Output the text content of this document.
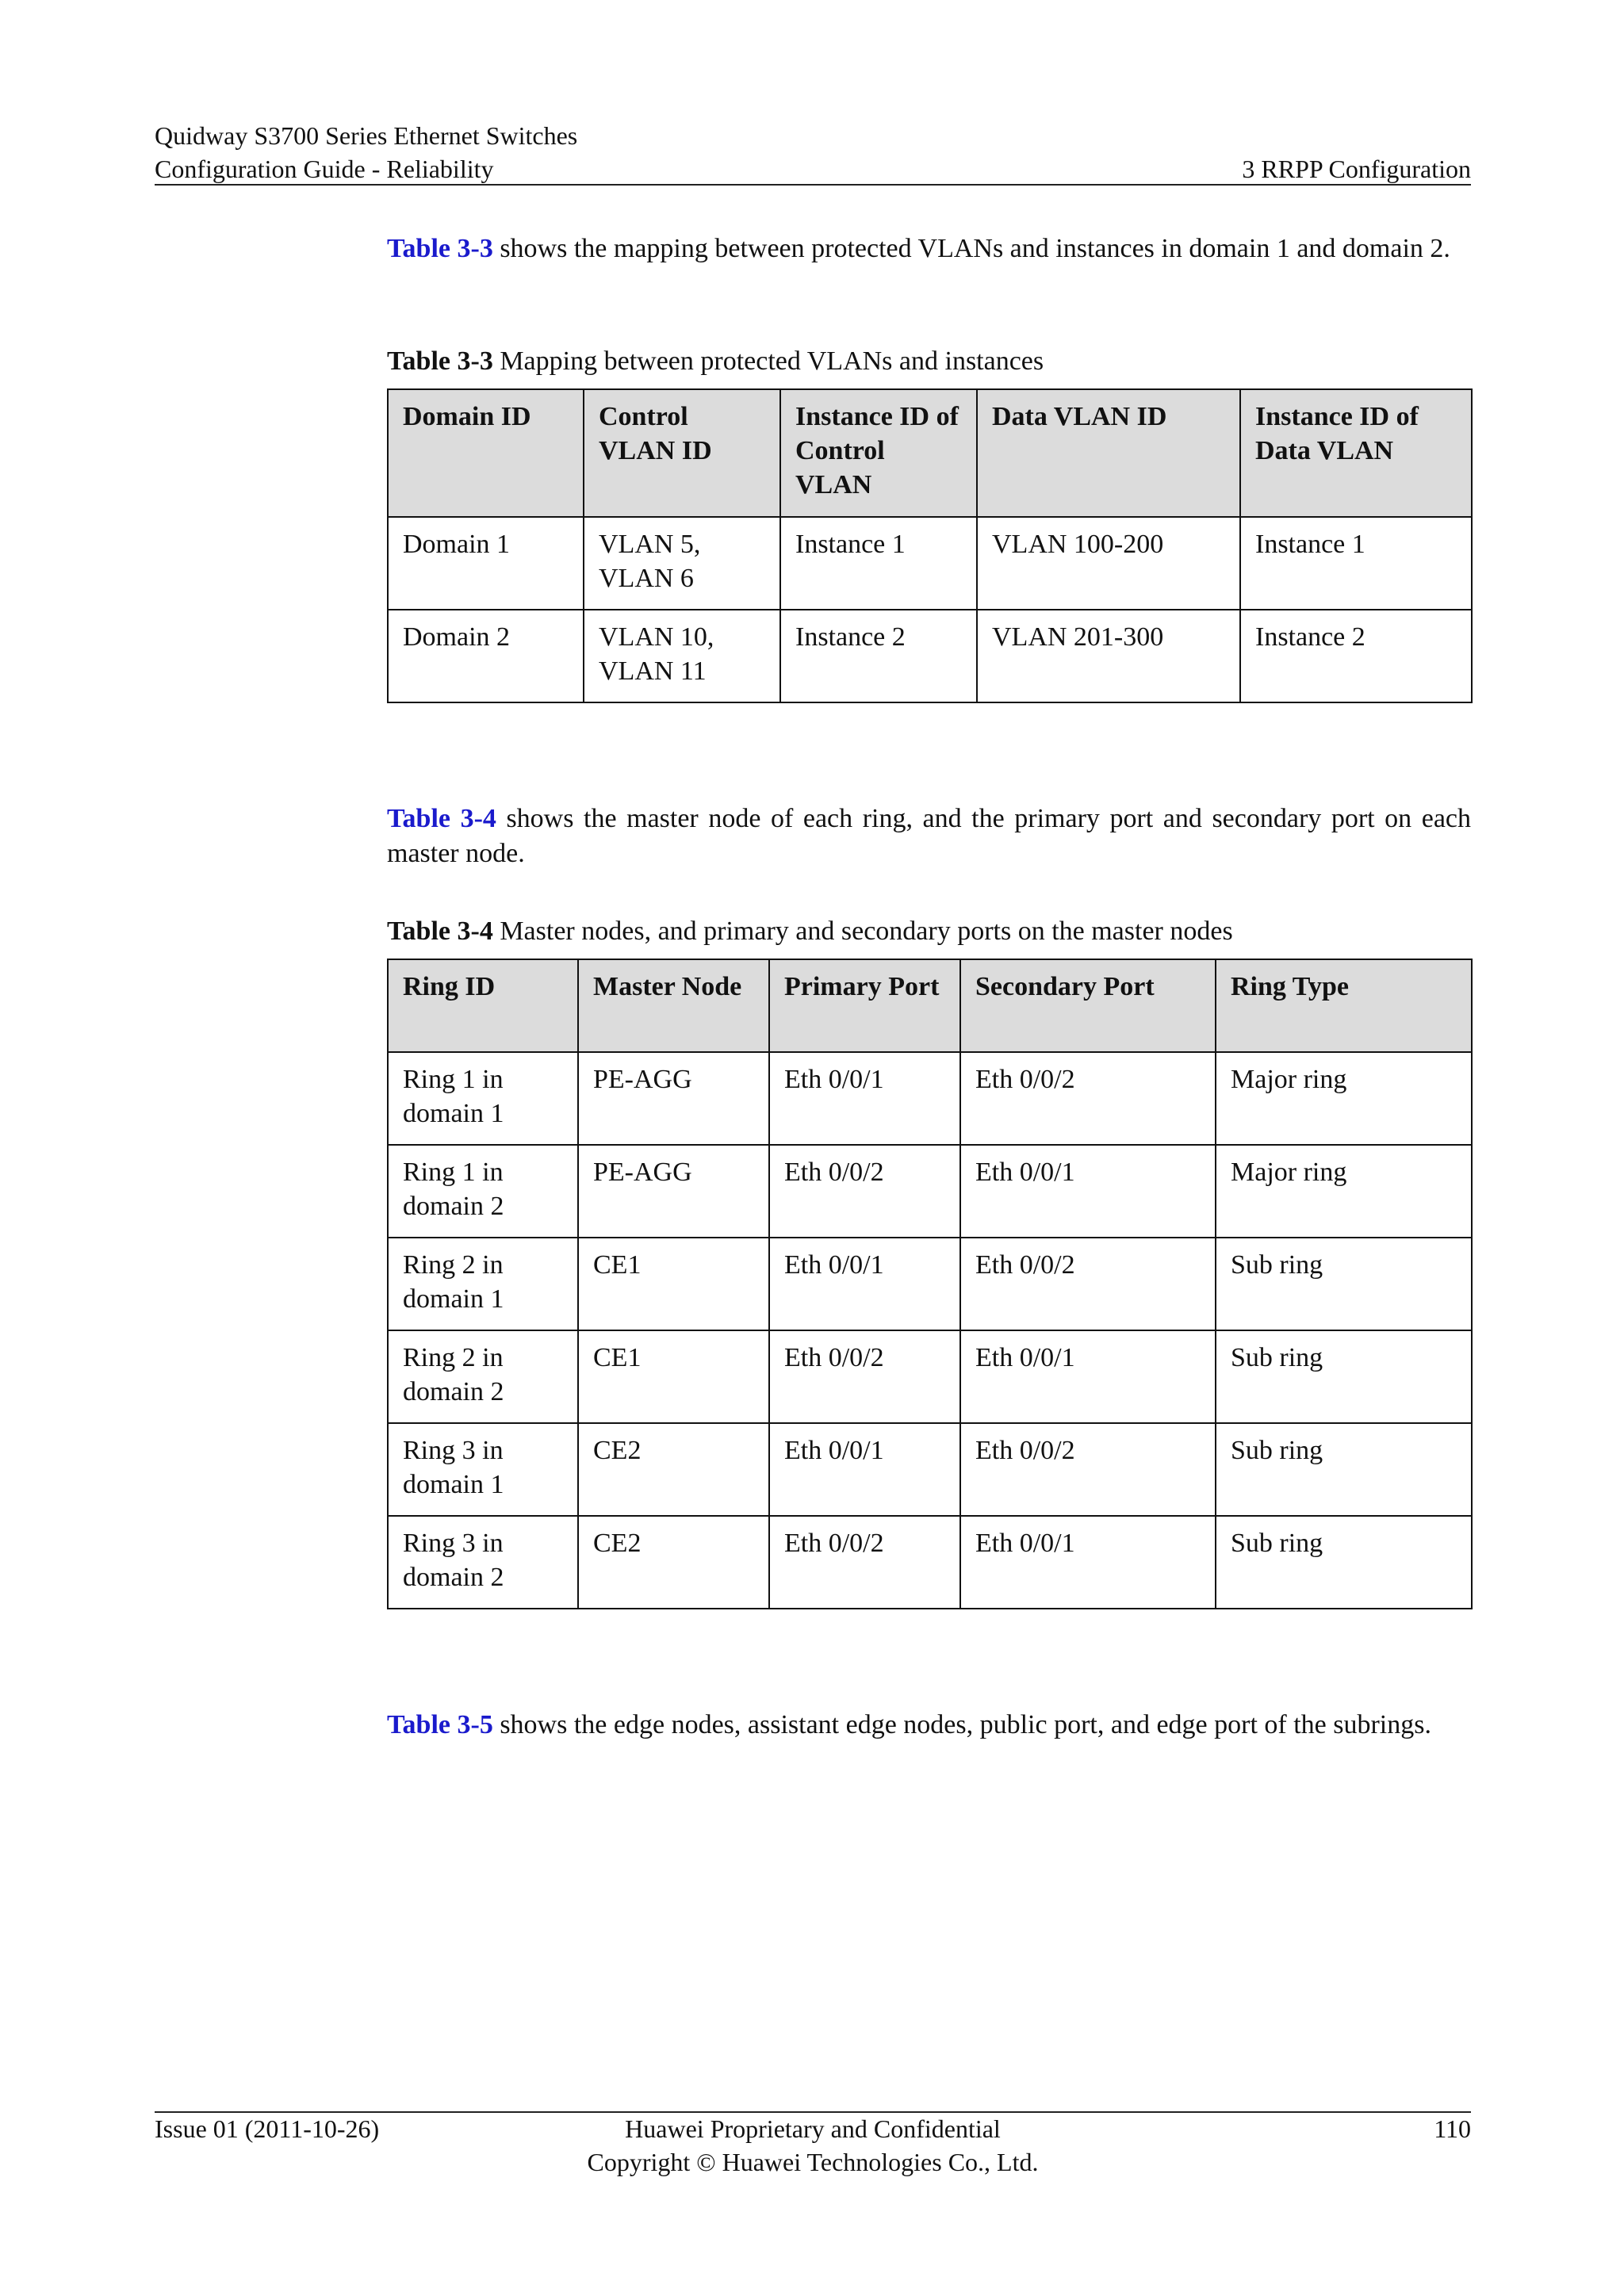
Quidway S3700 Series Ethernet Switches
Configuration Guide - Reliability	3 RRPP Configuration
Table 3-3 shows the mapping between protected VLANs and instances in domain 1 and domain 2.
Table 3-3 Mapping between protected VLANs and instances
Domain ID	Control VLAN ID	Instance ID of Control VLAN	Data VLAN ID	Instance ID of Data VLAN
Domain 1	VLAN 5, VLAN 6	Instance 1	VLAN 100-200	Instance 1
Domain 2	VLAN 10, VLAN 11	Instance 2	VLAN 201-300	Instance 2
Table 3-4 shows the master node of each ring, and the primary port and secondary port on each master node.
Table 3-4 Master nodes, and primary and secondary ports on the master nodes
Ring ID	Master Node	Primary Port	Secondary Port	Ring Type
Ring 1 in domain 1	PE-AGG	Eth 0/0/1	Eth 0/0/2	Major ring
Ring 1 in domain 2	PE-AGG	Eth 0/0/2	Eth 0/0/1	Major ring
Ring 2 in domain 1	CE1	Eth 0/0/1	Eth 0/0/2	Sub ring
Ring 2 in domain 2	CE1	Eth 0/0/2	Eth 0/0/1	Sub ring
Ring 3 in domain 1	CE2	Eth 0/0/1	Eth 0/0/2	Sub ring
Ring 3 in domain 2	CE2	Eth 0/0/2	Eth 0/0/1	Sub ring
Table 3-5 shows the edge nodes, assistant edge nodes, public port, and edge port of the subrings.
Issue 01 (2011-10-26)	Huawei Proprietary and Confidential
Copyright © Huawei Technologies Co., Ltd.
110
